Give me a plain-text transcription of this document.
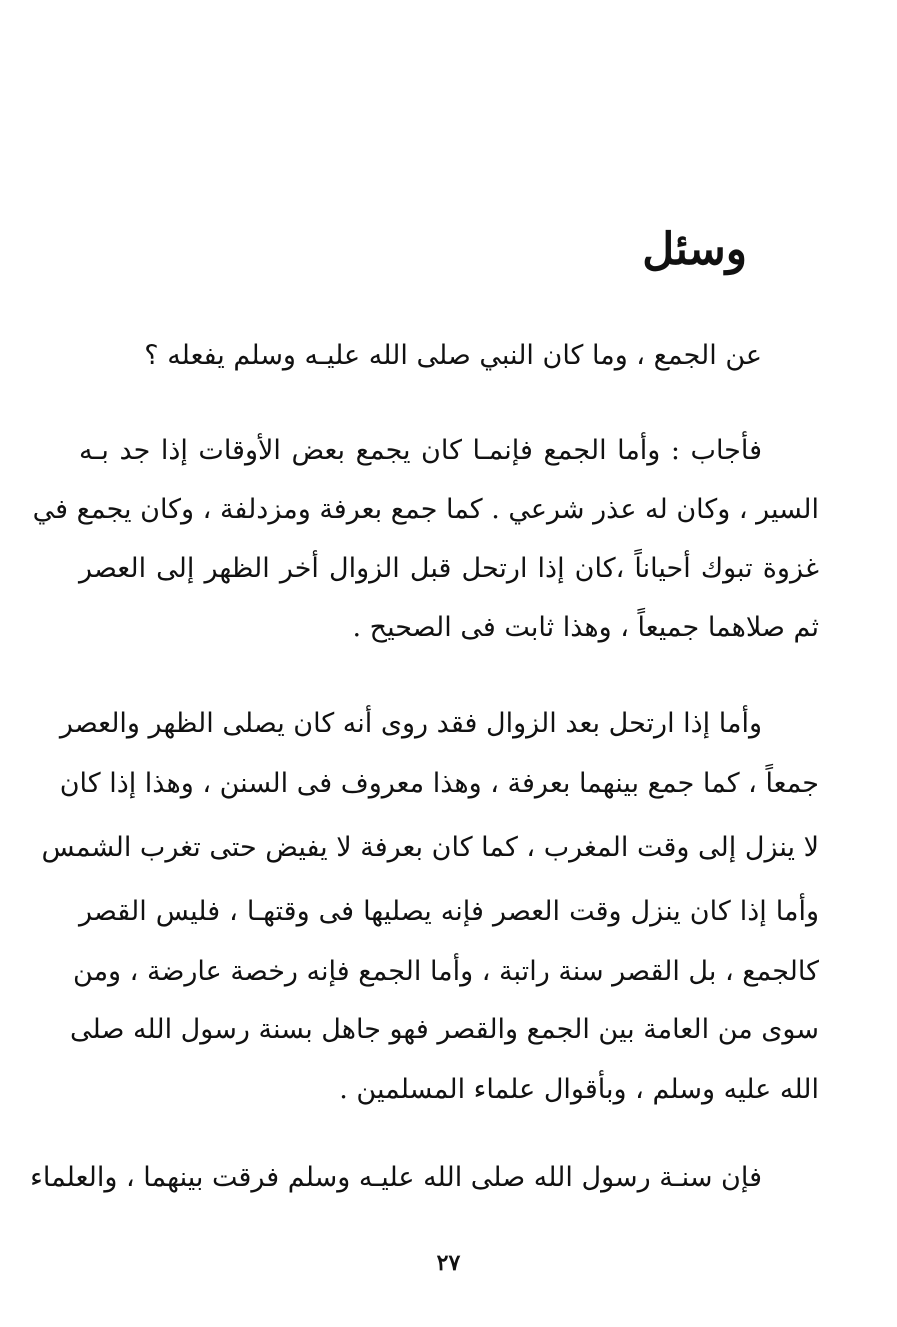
وسئل

عن الجمع ، وما كان النبي صلى الله عليـه وسلم يفعله ؟

فأجاب : وأما الجمع فإنمـا كان يجمع بعض الأوقات إذا جد بـه

السير ، وكان له عذر شرعي . كما جمع بعرفة ومزدلفة ، وكان يجمع في

غزوة تبوك أحياناً ،كان إذا ارتحل قبل الزوال أخر الظهر إلى العصر

ثم صلاهما جميعاً ، وهذا ثابت فى الصحيح .

وأما إذا ارتحل بعد الزوال فقد روى أنه كان يصلى الظهر والعصر

جمعاً ، كما جمع بينهما بعرفة ، وهذا معروف فى السنن ، وهذا إذا كان

لا ينزل إلى وقت المغرب ، كما كان بعرفة لا يفيض حتى تغرب الشمس

وأما إذا كان ينزل وقت العصر فإنه يصليها فى وقتهـا ، فليس القصر

كالجمع ، بل القصر سنة راتبة ، وأما الجمع فإنه رخصة عارضة ، ومن

سوى من العامة بين الجمع والقصر فهو جاهل بسنة رسول الله صلى

الله عليه وسلم ، وبأقوال علماء المسلمين .

فإن سنـة رسول الله صلى الله عليـه وسلم فرقت بينهما ، والعلماء

٢٧
